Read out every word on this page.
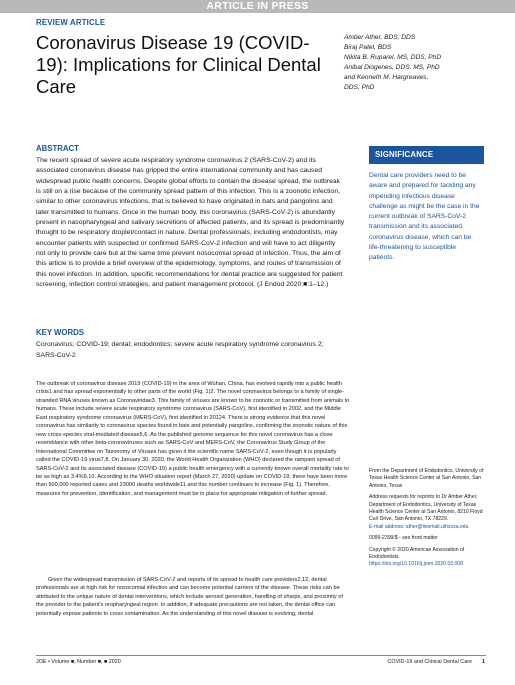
ARTICLE IN PRESS
REVIEW ARTICLE
Coronavirus Disease 19 (COVID-19): Implications for Clinical Dental Care
Amber Ather, BDS, DDS
Biraj Patel, BDS
Nikita B. Ruparel, MS, DDS, PhD
Anibal Diogenes, DDS, MS, PhD
and Kenneth M. Hargreaves,
DDS, PhD
ABSTRACT

The recent spread of severe acute respiratory syndrome coronavirus 2 (SARS-CoV-2) and its associated coronavirus disease has gripped the entire international community and has caused widespread public health concerns. Despite global efforts to contain the disease spread, the outbreak is still on a rise because of the community spread pattern of this infection. This is a zoonotic infection, similar to other coronavirus infections, that is believed to have originated in bats and pangolins and later transmitted to humans. Once in the human body, this coronavirus (SARS-CoV-2) is abundantly present in nasopharyngeal and salivary secretions of affected patients, and its spread is predominantly thought to be respiratory droplet/contact in nature. Dental professionals, including endodontists, may encounter patients with suspected or confirmed SARS-CoV-2 infection and will have to act diligently not only to provide care but at the same time prevent nosocomial spread of infection. Thus, the aim of this article is to provide a brief overview of the epidemiology, symptoms, and routes of transmission of this novel infection. In addition, specific recommendations for dental practice are suggested for patient screening, infection control strategies, and patient management protocol. (J Endod 2020;■:1–12.)

KEY WORDS

Coronavirus; COVID-19; dental; endodontics; severe acute respiratory syndrome coronavirus 2; SARS-CoV-2

SIGNIFICANCE

Dental care providers need to be aware and prepared for tackling any impending infectious disease challenge as might be the case in the current outbreak of SARS-CoV-2 transmission and its associated coronavirus disease, which can be life-threatening to susceptible patients.

The outbreak of coronavirus disease 2019 (COVID-19) in the area of Wuhan, China, has evolved rapidly into a public health crisis1 and has spread exponentially to other parts of the world (Fig. 1)2. The novel coronavirus belongs to a family of single-stranded RNA viruses known as Coronaviridae3. This family of viruses are known to be zoonotic or transmitted from animals to humans. These include severe acute respiratory syndrome coronavirus (SARS-CoV), first identified in 2002, and the Middle East respiratory syndrome coronavirus (MERS-CoV), first identified in 20124. There is strong evidence that this novel coronavirus has similarity to coronavirus species found in bats and potentially pangolins, confirming the zoonotic nature of this new cross-species viral-mediated disease5,6. As the published genome sequence for this novel coronavirus has a close resemblance with other beta-coronaviruses such as SARS-CoV and MERS-CoV, the Coronavirus Study Group of the International Committee on Taxonomy of Viruses has given it the scientific name SARS-CoV-2, even though it is popularly called the COVID-19 virus7,8. On January 30, 2020, the World Health Organization (WHO) declared the rampant spread of SARS-CoV-2 and its associated disease (COVID-19) a public health emergency with a currently known overall mortality rate to be as high as 3.4%9,10. According to the WHO situation report (March 27, 2020) update on COVID-19, there have been more than 500,000 reported cases and 23000 deaths worldwide11 and this number continues to increase (Fig. 1). Therefore, measures for prevention, identification, and management must be in place for appropriate mitigation of further spread.

Given the widespread transmission of SARS-CoV-2 and reports of its spread to health care providers2,12, dental professionals are at high risk for nosocomial infection and can become potential carriers of the disease. These risks can be attributed to the unique nature of dental interventions, which include aerosol generation, handling of sharps, and proximity of the provider to the patient's oropharyngeal region. In addition, if adequate precautions are not taken, the dental office can potentially expose patients to cross contamination. As the understanding of this novel disease is evolving, dental

From the Department of Endodontics, University of Texas Health Science Center at San Antonio, San Antonio, Texas

Address requests for reprints to Dr Amber Ather, Department of Endodontics, University of Texas Health Science Center at San Antonio, 8210 Floyd Curl Drive, San Antonio, TX 78229.
E-mail address: ather@livemail.uthscsa.edu

0099-2399/$ - see front matter

Copyright © 2020 American Association of Endodontists.
https://doi.org/10.1016/j.joen.2020.03.008

JOE • Volume ■, Number ■, ■ 2020	COVID-19 and Clinical Dental Care 1
